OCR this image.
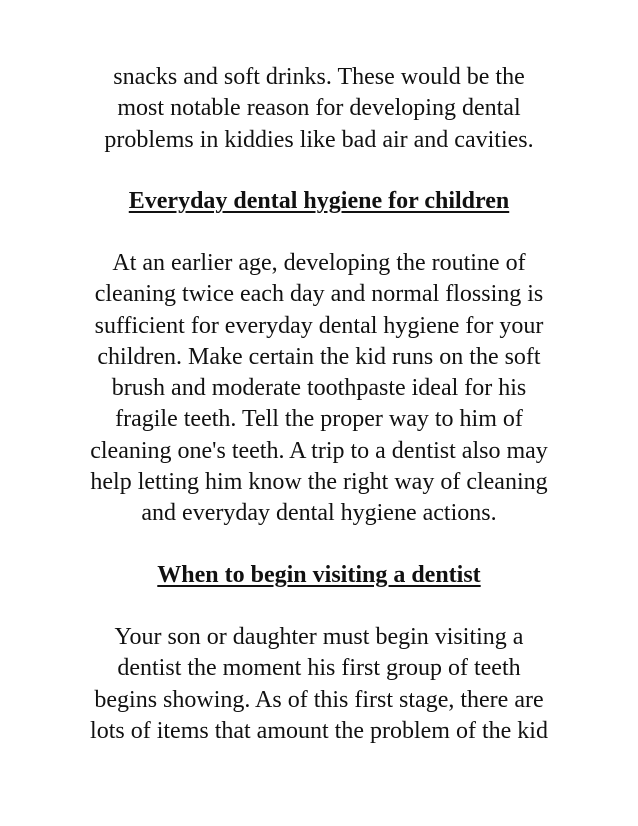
snacks and soft drinks. These would be the
most notable reason for developing dental
problems in kiddies like bad air and cavities.

Everyday dental hygiene for children

At an earlier age, developing the routine of
cleaning twice each day and normal flossing is
sufficient for everyday dental hygiene for your
children. Make certain the kid runs on the soft
brush and moderate toothpaste ideal for his
fragile teeth. Tell the proper way to him of
cleaning one's teeth. A trip to a dentist also may
help letting him know the right way of cleaning
and everyday dental hygiene actions.

When to begin visiting a dentist

Your son or daughter must begin visiting a
dentist the moment his first group of teeth
begins showing. As of this first stage, there are
lots of items that amount the problem of the kid
